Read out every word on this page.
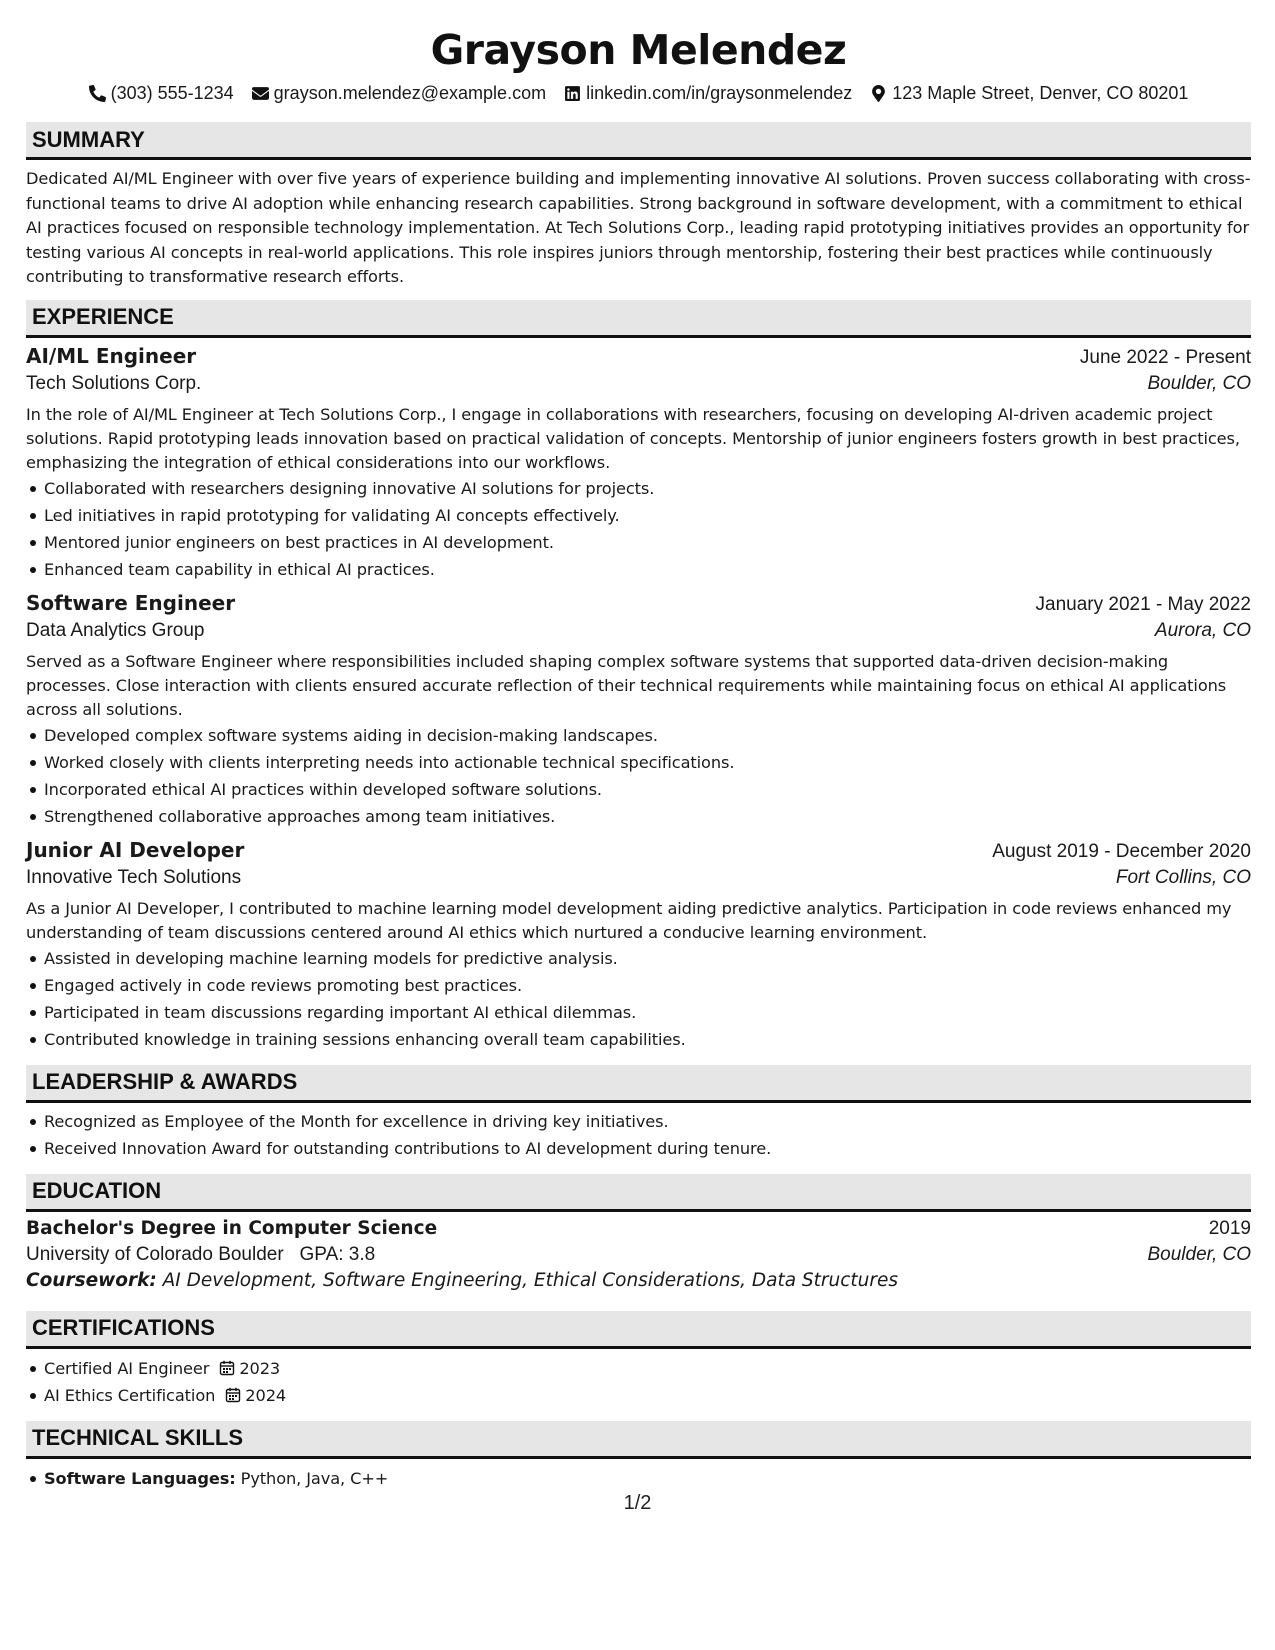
Grayson Melendez
(303) 555-1234 grayson.melendez@example.com linkedin.com/in/graysonmelendez 123 Maple Street, Denver, CO 80201
SUMMARY
Dedicated AI/ML Engineer with over five years of experience building and implementing innovative AI solutions. Proven success collaborating with cross-functional teams to drive AI adoption while enhancing research capabilities. Strong background in software development, with a commitment to ethical AI practices focused on responsible technology implementation. At Tech Solutions Corp., leading rapid prototyping initiatives provides an opportunity for testing various AI concepts in real-world applications. This role inspires juniors through mentorship, fostering their best practices while continuously contributing to transformative research efforts.
EXPERIENCE
AI/ML Engineer	June 2022 - Present
Tech Solutions Corp.	Boulder, CO
In the role of AI/ML Engineer at Tech Solutions Corp., I engage in collaborations with researchers, focusing on developing AI-driven academic project solutions. Rapid prototyping leads innovation based on practical validation of concepts. Mentorship of junior engineers fosters growth in best practices, emphasizing the integration of ethical considerations into our workflows.
Collaborated with researchers designing innovative AI solutions for projects.
Led initiatives in rapid prototyping for validating AI concepts effectively.
Mentored junior engineers on best practices in AI development.
Enhanced team capability in ethical AI practices.
Software Engineer	January 2021 - May 2022
Data Analytics Group	Aurora, CO
Served as a Software Engineer where responsibilities included shaping complex software systems that supported data-driven decision-making processes. Close interaction with clients ensured accurate reflection of their technical requirements while maintaining focus on ethical AI applications across all solutions.
Developed complex software systems aiding in decision-making landscapes.
Worked closely with clients interpreting needs into actionable technical specifications.
Incorporated ethical AI practices within developed software solutions.
Strengthened collaborative approaches among team initiatives.
Junior AI Developer	August 2019 - December 2020
Innovative Tech Solutions	Fort Collins, CO
As a Junior AI Developer, I contributed to machine learning model development aiding predictive analytics. Participation in code reviews enhanced my understanding of team discussions centered around AI ethics which nurtured a conducive learning environment.
Assisted in developing machine learning models for predictive analysis.
Engaged actively in code reviews promoting best practices.
Participated in team discussions regarding important AI ethical dilemmas.
Contributed knowledge in training sessions enhancing overall team capabilities.
LEADERSHIP & AWARDS
Recognized as Employee of the Month for excellence in driving key initiatives.
Received Innovation Award for outstanding contributions to AI development during tenure.
EDUCATION
Bachelor's Degree in Computer Science	2019
University of Colorado Boulder GPA: 3.8	Boulder, CO
Coursework: AI Development, Software Engineering, Ethical Considerations, Data Structures
CERTIFICATIONS
Certified AI Engineer 2023
AI Ethics Certification 2024
TECHNICAL SKILLS
Software Languages: Python, Java, C++
1/2
